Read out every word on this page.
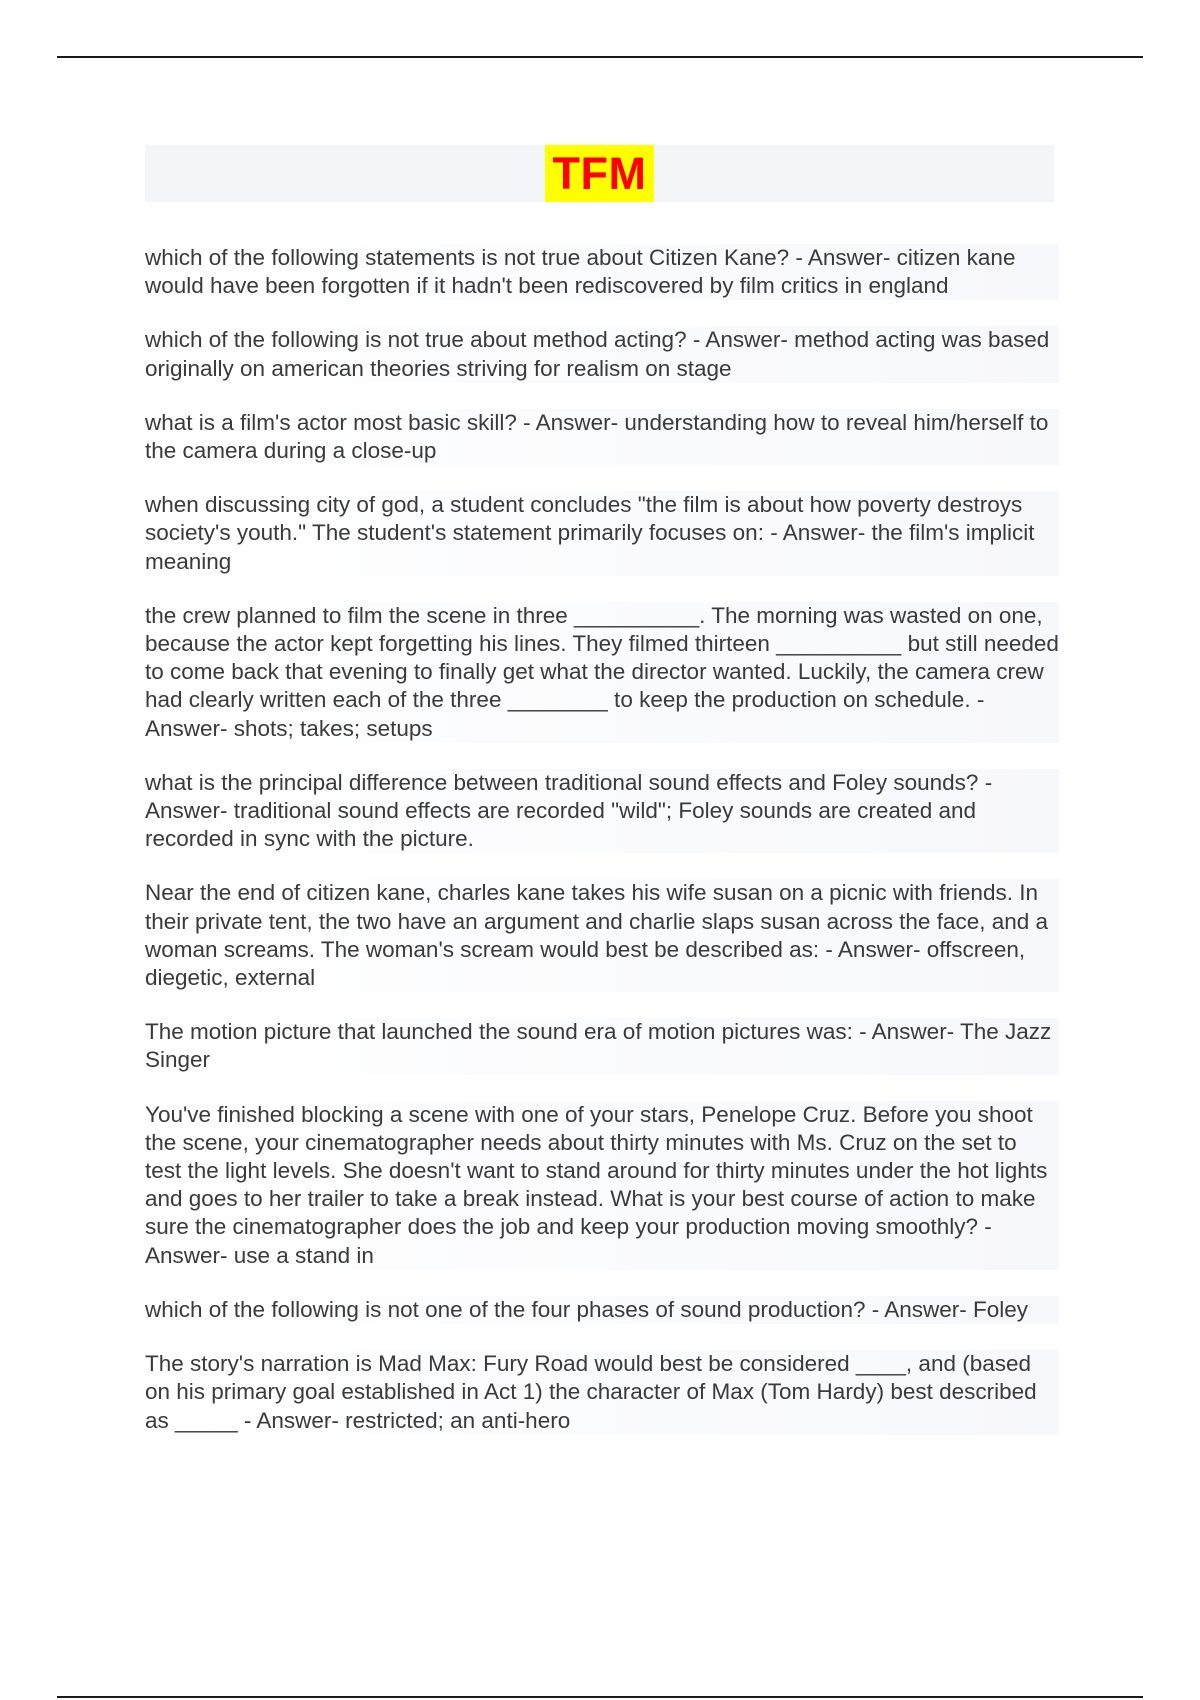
TFM

which of the following statements is not true about Citizen Kane? - Answer- citizen kane would have been forgotten if it hadn't been rediscovered by film critics in england

which of the following is not true about method acting? - Answer- method acting was based originally on american theories striving for realism on stage

what is a film's actor most basic skill? - Answer- understanding how to reveal him/herself to the camera during a close-up

when discussing city of god, a student concludes "the film is about how poverty destroys society's youth." The student's statement primarily focuses on: - Answer- the film's implicit meaning

the crew planned to film the scene in three __________. The morning was wasted on one, because the actor kept forgetting his lines. They filmed thirteen __________ but still needed to come back that evening to finally get what the director wanted. Luckily, the camera crew had clearly written each of the three ________ to keep the production on schedule. - Answer- shots; takes; setups

what is the principal difference between traditional sound effects and Foley sounds? - Answer- traditional sound effects are recorded "wild"; Foley sounds are created and recorded in sync with the picture.

Near the end of citizen kane, charles kane takes his wife susan on a picnic with friends. In their private tent, the two have an argument and charlie slaps susan across the face, and a woman screams. The woman's scream would best be described as: - Answer- offscreen, diegetic, external

The motion picture that launched the sound era of motion pictures was: - Answer- The Jazz Singer

You've finished blocking a scene with one of your stars, Penelope Cruz. Before you shoot the scene, your cinematographer needs about thirty minutes with Ms. Cruz on the set to test the light levels. She doesn't want to stand around for thirty minutes under the hot lights and goes to her trailer to take a break instead. What is your best course of action to make sure the cinematographer does the job and keep your production moving smoothly? - Answer- use a stand in

which of the following is not one of the four phases of sound production? - Answer- Foley

The story's narration is Mad Max: Fury Road would best be considered ____, and (based on his primary goal established in Act 1) the character of Max (Tom Hardy) best described as _____ - Answer- restricted; an anti-hero
